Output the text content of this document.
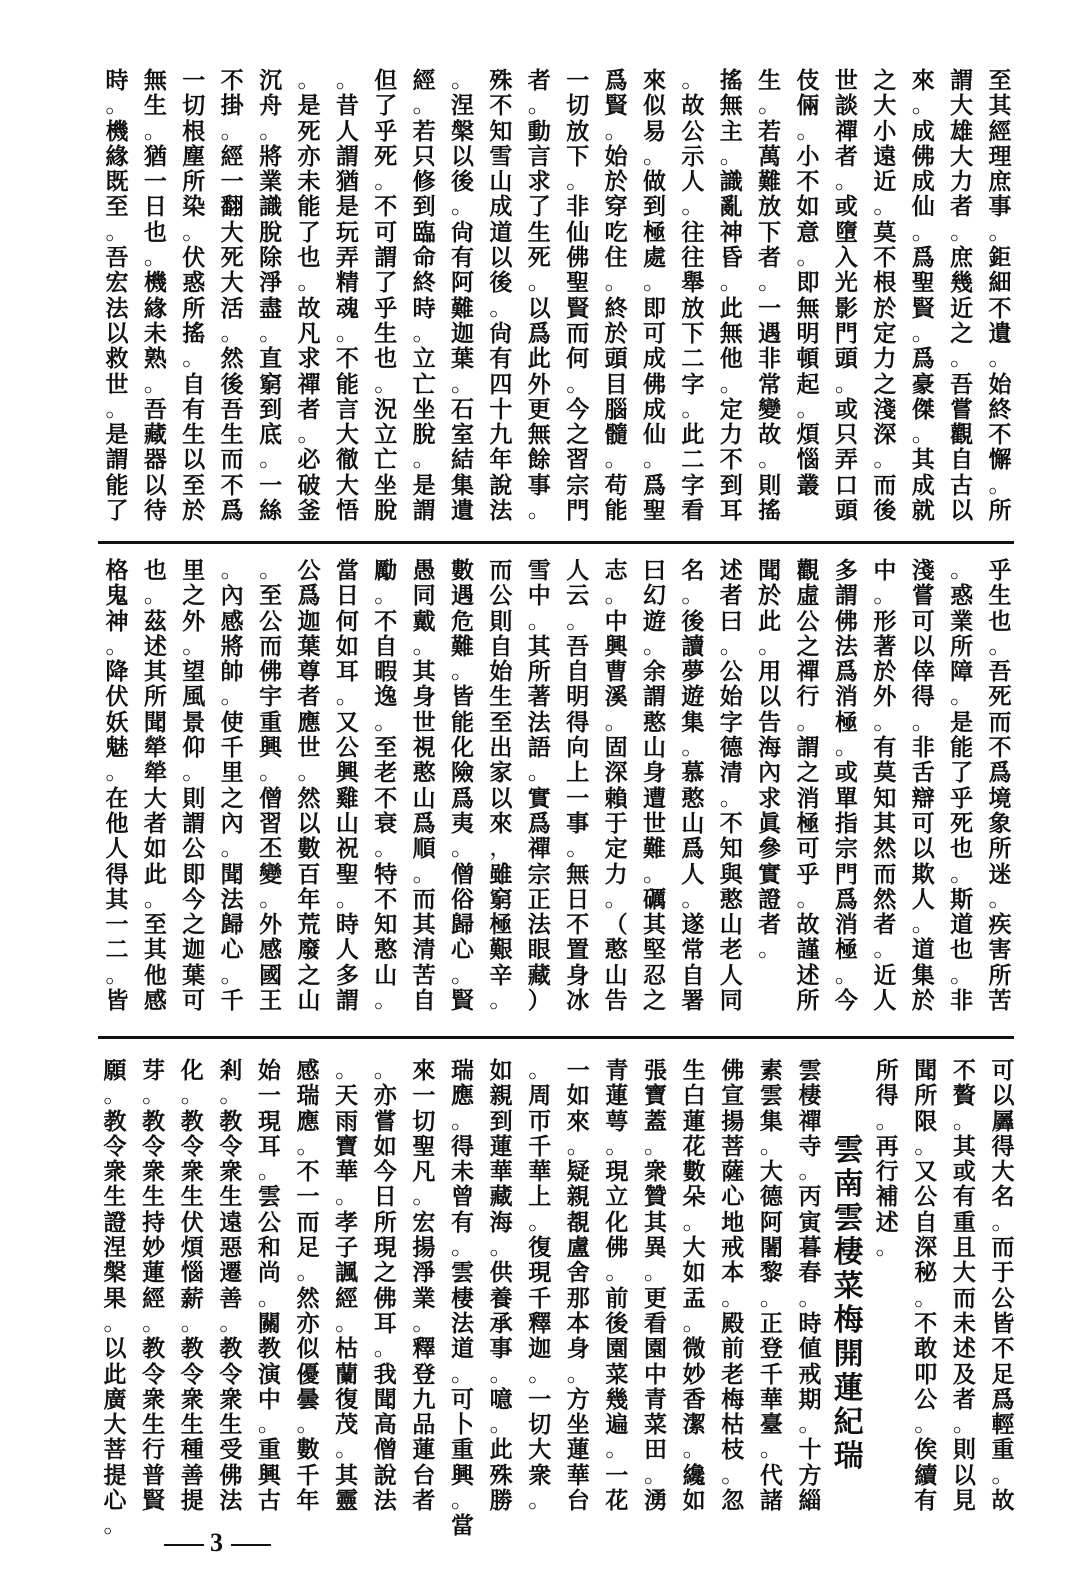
3
至
其
經
理
庶
事
。
鉅
細
不
遺
。
始
終
不
懈
。
所
謂
大
雄
大
力
者
。
庶
幾
近
之
。
吾
嘗
觀
自
古
以
來
。
成
佛
成
仙
。
爲
聖
賢
。
爲
豪
傑
。
其
成
就
之
大
小
遠
近
。
莫
不
根
於
定
力
之
淺
深
。
而
後
世
談
禪
者
。
或
墮
入
光
影
門
頭
。
或
只
弄
口
頭
伎
倆
。
小
不
如
意
。
即
無
明
頓
起
。
煩
惱
叢
生
。
若
萬
難
放
下
者
。
一
遇
非
常
變
故
。
則
搖
搖
無
主
。
識
亂
神
昏
。
此
無
他
。
定
力
不
到
耳
。
故
公
示
人
。
往
往
舉
放
下
二
字
。
此
二
字
看
來
似
易
。
做
到
極
處
。
即
可
成
佛
成
仙
。
爲
聖
爲
賢
。
始
於
穿
吃
住
。
終
於
頭
目
腦
髓
。
苟
能
一
切
放
下
。
非
仙
佛
聖
賢
而
何
。
今
之
習
宗
門
者
。
動
言
求
了
生
死
。
以
爲
此
外
更
無
餘
事
。
殊
不
知
雪
山
成
道
以
後
。
尙
有
四
十
九
年
說
法
。
涅
槃
以
後
。
尙
有
阿
難
迦
葉
。
石
室
結
集
遺
經
。
若
只
修
到
臨
命
終
時
。
立
亡
坐
脫
。
是
謂
但
了
乎
死
。
不
可
謂
了
乎
生
也
。
況
立
亡
坐
脫
。
昔
人
謂
猶
是
玩
弄
精
魂
。
不
能
言
大
徹
大
悟
。
是
死
亦
未
能
了
也
。
故
凡
求
禪
者
。
必
破
釜
沉
舟
。
將
業
識
脫
除
淨
盡
。
直
窮
到
底
。
一
絲
不
掛
。
經
一
翻
大
死
大
活
。
然
後
吾
生
而
不
爲
一
切
根
塵
所
染
。
伏
惑
所
搖
。
自
有
生
以
至
於
無
生
。
猶
一
日
也
。
機
緣
未
熟
。
吾
藏
器
以
待
時
。
機
緣
既
至
。
吾
宏
法
以
救
世
。
是
謂
能
了
乎
生
也
。
吾
死
而
不
爲
境
象
所
迷
。
疾
害
所
苦
。
惑
業
所
障
。
是
能
了
乎
死
也
。
斯
道
也
。
非
淺
嘗
可
以
倖
得
。
非
舌
辯
可
以
欺
人
。
道
集
於
中
。
形
著
於
外
。
有
莫
知
其
然
而
然
者
。
近
人
多
謂
佛
法
爲
消
極
。
或
單
指
宗
門
爲
消
極
。
今
觀
虛
公
之
禪
行
。
謂
之
消
極
可
乎
。
故
謹
述
所
聞
於
此
。
用
以
告
海
內
求
眞
參
實
證
者
。
述
者
曰
。
公
始
字
德
清
。
不
知
與
憨
山
老
人
同
名
。
後
讀
夢
遊
集
。
慕
憨
山
爲
人
。
遂
常
自
署
曰
幻
遊
。
余
謂
憨
山
身
遭
世
難
。
礪
其
堅
忍
之
志
。
中
興
曹
溪
。
固
深
賴
于
定
力
。
（
憨
山
告
人
云
。
吾
自
明
得
向
上
一
事
。
無
日
不
置
身
冰
雪
中
。
其
所
著
法
語
。
實
爲
禪
宗
正
法
眼
藏
）
而
公
則
自
始
生
至
出
家
以
來
，
雖
窮
極
艱
辛
。
數
遇
危
難
。
皆
能
化
險
爲
夷
。
僧
俗
歸
心
。
賢
愚
同
戴
。
其
身
世
視
憨
山
爲
順
。
而
其
清
苦
自
勵
。
不
自
暇
逸
。
至
老
不
衰
。
特
不
知
憨
山
。
當
日
何
如
耳
。
又
公
興
雞
山
祝
聖
。
時
人
多
謂
公
爲
迦
葉
尊
者
應
世
。
然
以
數
百
年
荒
廢
之
山
。
至
公
而
佛
宇
重
興
。
僧
習
丕
變
。
外
感
國
王
。
內
感
將
帥
。
使
千
里
之
內
。
聞
法
歸
心
。
千
里
之
外
。
望
風
景
仰
。
則
謂
公
即
今
之
迦
葉
可
也
。
茲
述
其
所
聞
犖
犖
大
者
如
此
。
至
其
他
感
格
鬼
神
。
降
伏
妖
魅
。
在
他
人
得
其
一
二
。
皆
可
以
羼
得
大
名
。
而
于
公
皆
不
足
爲
輕
重
。
故
不
贅
。
其
或
有
重
且
大
而
未
述
及
者
。
則
以
見
聞
所
限
。
又
公
自
深
秘
。
不
敢
叩
公
。
俟
續
有
所
得
。
再
行
補
述
。
雲
南
雲
棲
菜
梅
開
蓮
紀
瑞
雲
棲
禪
寺
。
丙
寅
暮
春
。
時
値
戒
期
。
十
方
緇
素
雲
集
。
大
德
阿
闍
黎
。
正
登
千
華
臺
。
代
諸
佛
宣
揚
菩
薩
心
地
戒
本
。
殿
前
老
梅
枯
枝
。
忽
生
白
蓮
花
數
朵
。
大
如
盂
。
微
妙
香
潔
。
纔
如
張
寶
蓋
。
衆
贊
其
異
。
更
看
園
中
青
菜
田
。
湧
青
蓮
萼
。
現
立
化
佛
。
前
後
園
菜
幾
遍
。
一
花
一
如
來
。
疑
親
覩
盧
舍
那
本
身
。
方
坐
蓮
華
台
。
周
帀
千
華
上
。
復
現
千
釋
迦
。
一
切
大
衆
。
如
親
到
蓮
華
藏
海
。
供
養
承
事
。
噫
。
此
殊
勝
瑞
應
。
得
未
曾
有
。
雲
棲
法
道
。
可
卜
重
興
。
當
來
一
切
聖
凡
。
宏
揚
淨
業
。
釋
登
九
品
蓮
台
者
。
亦
嘗
如
今
日
所
現
之
佛
耳
。
我
聞
高
僧
說
法
。
天
雨
寶
華
。
孝
子
諷
經
。
枯
蘭
復
茂
。
其
靈
感
瑞
應
。
不
一
而
足
。
然
亦
似
優
曇
。
數
千
年
始
一
現
耳
。
雲
公
和
尚
。
關
教
演
中
。
重
興
古
剎
。
教
令
衆
生
遠
惡
遷
善
。
教
令
衆
生
受
佛
法
化
。
教
令
衆
生
伏
煩
惱
薪
。
教
令
衆
生
種
善
提
芽
。
教
令
衆
生
持
妙
蓮
經
。
教
令
衆
生
行
普
賢
願
。
教
令
衆
生
證
涅
槃
果
。
以
此
廣
大
菩
提
心
。
